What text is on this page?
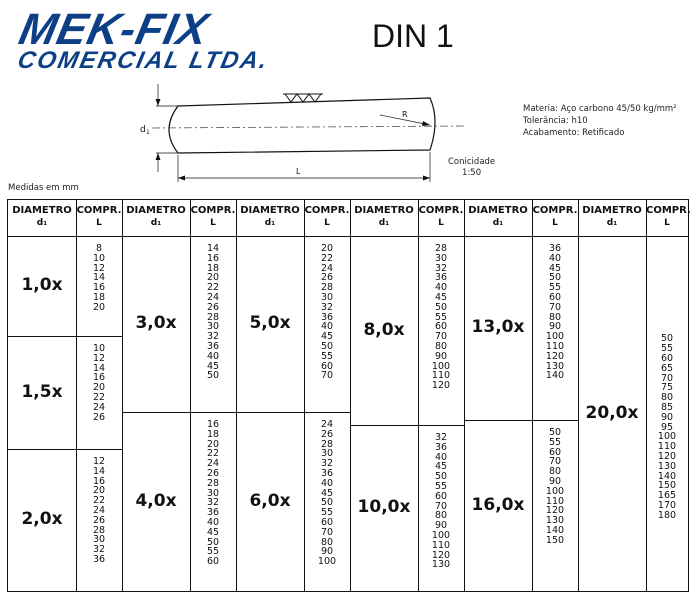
MEK-FIX
COMERCIAL LTDA.
DIN 1
d 1
R
L
Materia: Aço carbono 45/50 kg/mm²
Tolerância: h10
Acabamento: Retificado
Conicidade
1:50
Medidas em mm
DIAMETRO
d₁
COMPR.
L
1,0x
8
10
12
14
16
18
20
1,5x
10
12
14
16
20
22
24
26
2,0x
12
14
16
20
22
24
26
28
30
32
36
DIAMETRO
d₁
COMPR.
L
3,0x
14
16
18
20
22
24
26
28
30
32
36
40
45
50
4,0x
16
18
20
22
24
26
28
30
32
36
40
45
50
55
60
DIAMETRO
d₁
COMPR.
L
5,0x
20
22
24
26
28
30
32
36
40
45
50
55
60
70
6,0x
24
26
28
30
32
36
40
45
50
55
60
70
80
90
100
DIAMETRO
d₁
COMPR.
L
8,0x
28
30
32
36
40
45
50
55
60
70
80
90
100
110
120
10,0x
32
36
40
45
50
55
60
70
80
90
100
110
120
130
DIAMETRO
d₁
COMPR.
L
13,0x
36
40
45
50
55
60
70
80
90
100
110
120
130
140
16,0x
50
55
60
70
80
90
100
110
120
130
140
150
DIAMETRO
d₁
COMPR.
L
20,0x
50
55
60
65
70
75
80
85
90
95
100
110
120
130
140
150
165
170
180
